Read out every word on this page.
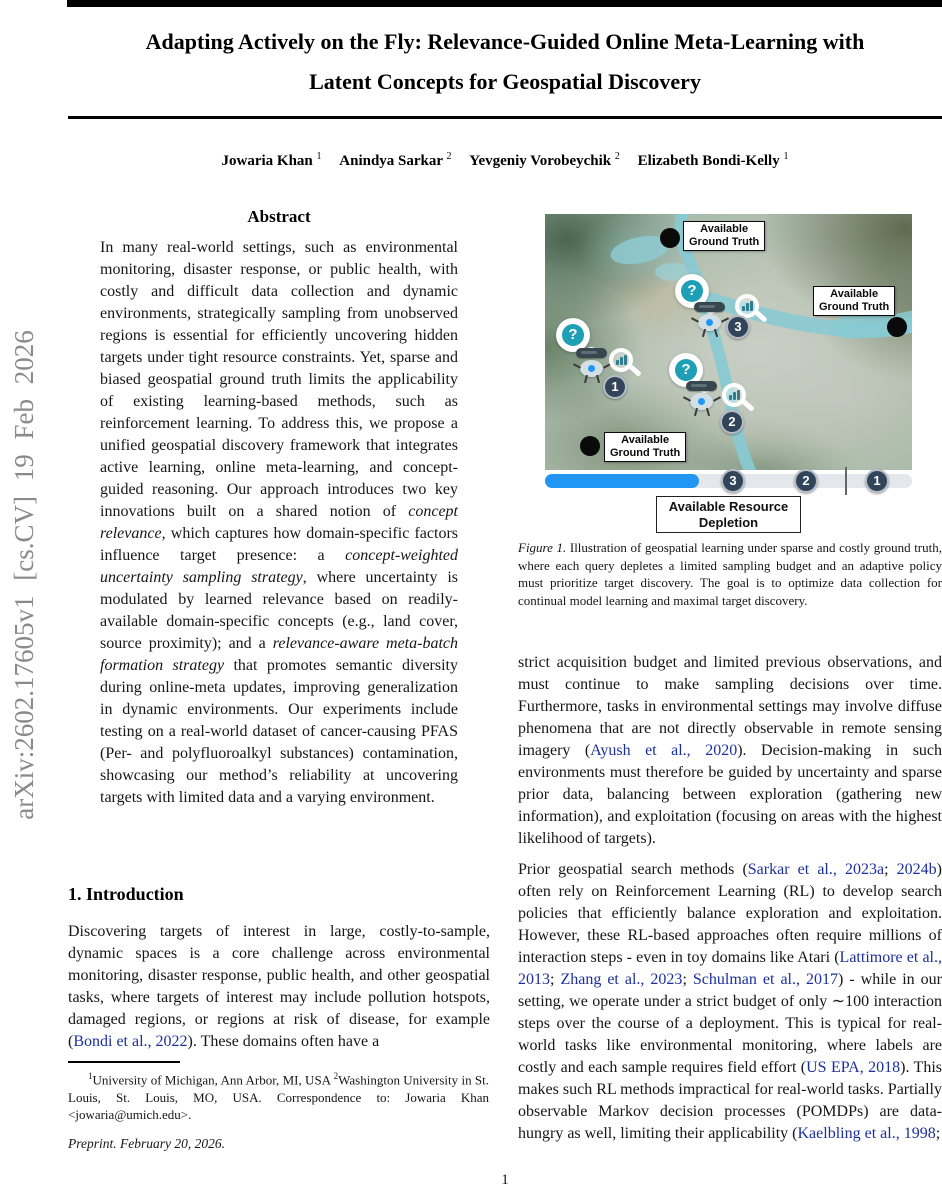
arXiv:2602.17605v1 [cs.CV] 19 Feb 2026
Adapting Actively on the Fly: Relevance-Guided Online Meta-Learning with
Latent Concepts for Geospatial Discovery
Jowaria Khan $^1$ Anindya Sarkar $^2$ Yevgeniy Vorobeychik $^2$ Elizabeth Bondi-Kelly $^1$
Abstract
In many real-world settings, such as environmental monitoring, disaster response, or public health, with costly and difficult data collection and dynamic environments, strategically sampling from unobserved regions is essential for efficiently uncovering hidden targets under tight resource constraints. Yet, sparse and biased geospatial ground truth limits the applicability of existing learning-based methods, such as reinforcement learning. To address this, we propose a unified geospatial discovery framework that integrates active learning, online meta-learning, and concept-guided reasoning. Our approach introduces two key innovations built on a shared notion of concept relevance, which captures how domain-specific factors influence target presence: a concept-weighted uncertainty sampling strategy, where uncertainty is modulated by learned relevance based on readily-available domain-specific concepts (e.g., land cover, source proximity); and a relevance-aware meta-batch formation strategy that promotes semantic diversity during online-meta updates, improving generalization in dynamic environments. Our experiments include testing on a real-world dataset of cancer-causing PFAS (Per- and polyfluoroalkyl substances) contamination, showcasing our method’s reliability at uncovering targets with limited data and a varying environment.
1. Introduction
Discovering targets of interest in large, costly-to-sample, dynamic spaces is a core challenge across environmental monitoring, disaster response, public health, and other geospatial tasks, where targets of interest may include pollution hotspots, damaged regions, or regions at risk of disease, for example (Bondi et al., 2022). These domains often have a
$^1$University of Michigan, Ann Arbor, MI, USA $^2$Washington University in St. Louis, St. Louis, MO, USA. Correspondence to: Jowaria Khan <jowaria@umich.edu>.
Preprint. February 20, 2026.
Available
Ground Truth
Available
Ground Truth
Available
Ground Truth
?
3
?
1
?
2
3	2	1
Available Resource
Depletion
Figure 1. Illustration of geospatial learning under sparse and costly ground truth, where each query depletes a limited sampling budget and an adaptive policy must prioritize target discovery. The goal is to optimize data collection for continual model learning and maximal target discovery.

strict acquisition budget and limited previous observations, and must continue to make sampling decisions over time. Furthermore, tasks in environmental settings may involve diffuse phenomena that are not directly observable in remote sensing imagery (Ayush et al., 2020). Decision-making in such environments must therefore be guided by uncertainty and sparse prior data, balancing between exploration (gathering new information), and exploitation (focusing on areas with the highest likelihood of targets).

Prior geospatial search methods (Sarkar et al., 2023a; 2024b) often rely on Reinforcement Learning (RL) to develop search policies that efficiently balance exploration and exploitation. However, these RL-based approaches often require millions of interaction steps - even in toy domains like Atari (Lattimore et al., 2013; Zhang et al., 2023; Schulman et al., 2017) - while in our setting, we operate under a strict budget of only ∼100 interaction steps over the course of a deployment. This is typical for real-world tasks like environmental monitoring, where labels are costly and each sample requires field effort (US EPA, 2018). This makes such RL methods impractical for real-world tasks. Partially observable Markov decision processes (POMDPs) are data-hungry as well, limiting their applicability (Kaelbling et al., 1998;

1
